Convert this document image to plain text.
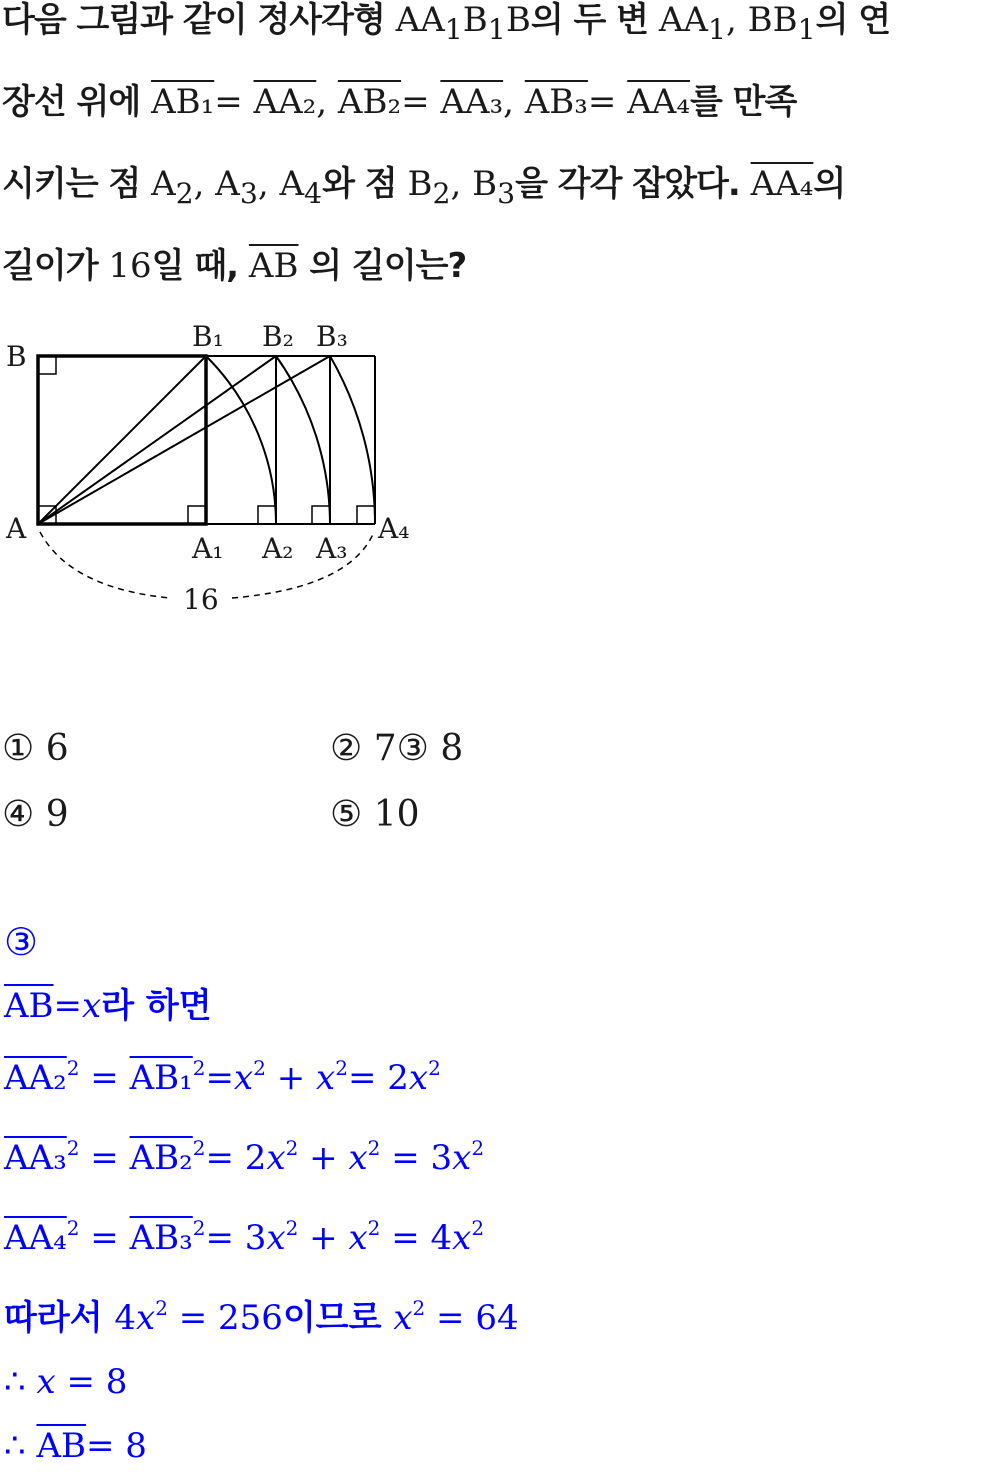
다음 그림과 같이 정사각형 $AA_1B_1B$의 두 변 $AA_1$, $BB_1$의 연
장선 위에 AB₁= AA₂, AB₂= AA₃, AB₃= AA₄를 만족
시키는 점 $A_2$, $A_3$, $A_4$와 점 $B_2$, $B_3$을 각각 잡았다. AA₄의
길이가 16일 때, $\overline{AB}$ 의 길이는?
B
B₁ B₂ B₃
A
A₁ A₂ A₃
A₄
16
① 6	② 7③ 8
④ 9	⑤ 10
③
$\overline{AB}=x$라 하면
$AA_2^2 = AB_1^2=x^2 + x^2= 2x^2$
$AA_3^2 = AB_2^2= 2x^2 + x^2 = 3x^2$
$AA_4^2 = AB_3^2= 3x^2 + x^2 = 4x^2$
따라서 $4x^2 = 256$이므로 $x^2 = 64$
∴ x = 8
∴ $\overline{AB}= 8$
